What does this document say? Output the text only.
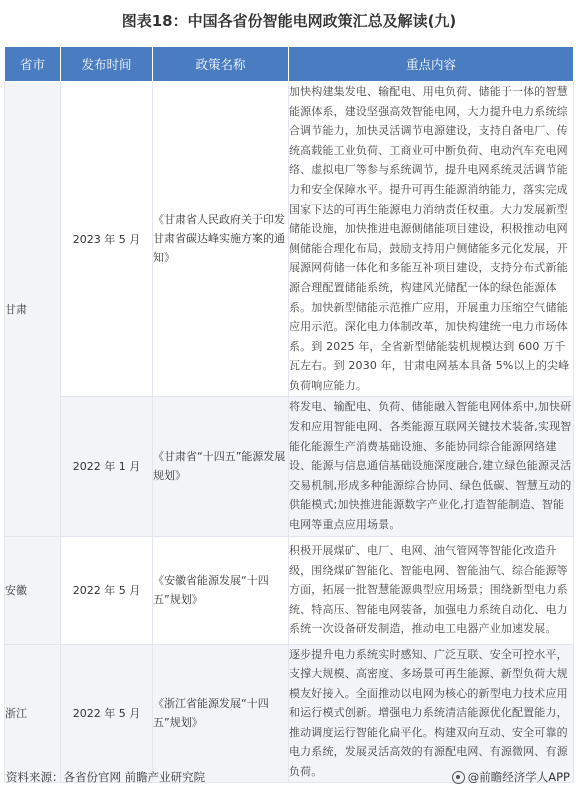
图表18：中国各省份智能电网政策汇总及解读(九)
省市	发布时间	政策名称	重点内容
甘肃	2023 年 5 月	《甘肃省人民政府关于印发甘肃省碳达峰实施方案的通知》	加快构建集发电、输配电、用电负荷、储能于一体的智慧能源体系，建设坚强高效智能电网，大力提升电力系统综合调节能力，加快灵活调节电源建设，支持自备电厂、传统高载能工业负荷、工商业可中断负荷、电动汽车充电网络、虚拟电厂等参与系统调节，提升电网系统灵活调节能力和安全保障水平。提升可再生能源消纳能力，落实完成国家下达的可再生能源电力消纳责任权重。大力发展新型储能设施，加快推进电源侧储能项目建设，积极推动电网侧储能合理化布局，鼓励支持用户侧储能多元化发展，开展源网荷储一体化和多能互补项目建设，支持分布式新能源合理配置储能系统，构建风光储配一体的绿色能源体系。加快新型储能示范推广应用，开展重力压缩空气储能应用示范。深化电力体制改革，加快构建统一电力市场体系。到 2025 年，全省新型储能装机规模达到 600 万千瓦左右。到 2030 年，甘肃电网基本具备 5%以上的尖峰负荷响应能力。
	2022 年 1 月	《甘肃省“十四五”能源发展规划》	将发电、输配电、负荷、储能融入智能电网体系中,加快研发和应用智能电网、各类能源互联网关键技术装备,实现智能化能源生产消费基础设施、多能协同综合能源网络建设、能源与信息通信基础设施深度融合,建立绿色能源灵活交易机制,形成多种能源综合协同、绿色低碳、智慧互动的供能模式;加快推进能源数字产业化,打造智能制造、智能电网等重点应用场景。
安徽	2022 年 5 月	《安徽省能源发展“十四五”规划》	积极开展煤矿、电厂、电网、油气管网等智能化改造升级，围绕煤矿智能化、智能电网、智能油气、综合能源等方面，拓展一批智慧能源典型应用场景；围绕新型电力系统、特高压、智能电网装备，加强电力系统自动化、电力系统一次设备研发制造，推动电工电器产业加速发展。
浙江	2022 年 5 月	《浙江省能源发展“十四五”规划》	逐步提升电力系统实时感知、广泛互联、安全可控水平，支撑大规模、高密度、多场景可再生能源、新型负荷大规模友好接入。全面推动以电网为核心的新型电力技术应用和运行模式创新。增强电力系统清洁能源优化配置能力，推动调度运行智能化扁平化。构建双向互动、安全可靠的电力系统，发展灵活高效的有源配电网、有源微网、有源负荷。
资料来源：各省份官网 前瞻产业研究院	@前瞻经济学人APP
